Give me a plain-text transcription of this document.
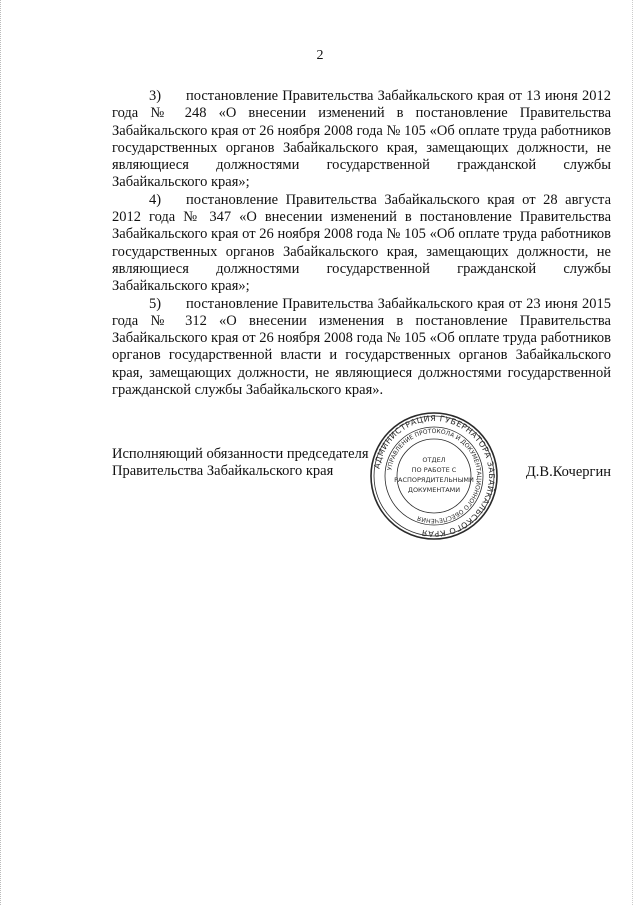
2

3) постановление Правительства Забайкальского края от 13 июня 2012 года № 248 «О внесении изменений в постановление Правительства Забайкальского края от 26 ноября 2008 года № 105 «Об оплате труда работников государственных органов Забайкальского края, замещающих должности, не являющиеся должностями государственной гражданской службы Забайкальского края»;

4) постановление Правительства Забайкальского края от 28 августа 2012 года № 347 «О внесении изменений в постановление Правительства Забайкальского края от 26 ноября 2008 года № 105 «Об оплате труда работников государственных органов Забайкальского края, замещающих должности, не являющиеся должностями государственной гражданской службы Забайкальского края»;

5) постановление Правительства Забайкальского края от 23 июня 2015 года № 312 «О внесении изменения в постановление Правительства Забайкальского края от 26 ноября 2008 года № 105 «Об оплате труда работников органов государственной власти и государственных органов Забайкальского края, замещающих должности, не являющиеся должностями государственной гражданской службы Забайкальского края».

Исполняющий обязанности председателя
Правительства Забайкальского края	Д.В.Кочергин
АДМИНИСТРАЦИЯ ГУБЕРНАТОРА ЗАБАЙКАЛЬСКОГО КРАЯ
УПРАВЛЕНИЕ ПРОТОКОЛА И ДОКУМЕНТАЦИОННОГО ОБЕСПЕЧЕНИЯ
ОТДЕЛ
ПО РАБОТЕ С
РАСПОРЯДИТЕЛЬНЫМИ
ДОКУМЕНТАМИ
